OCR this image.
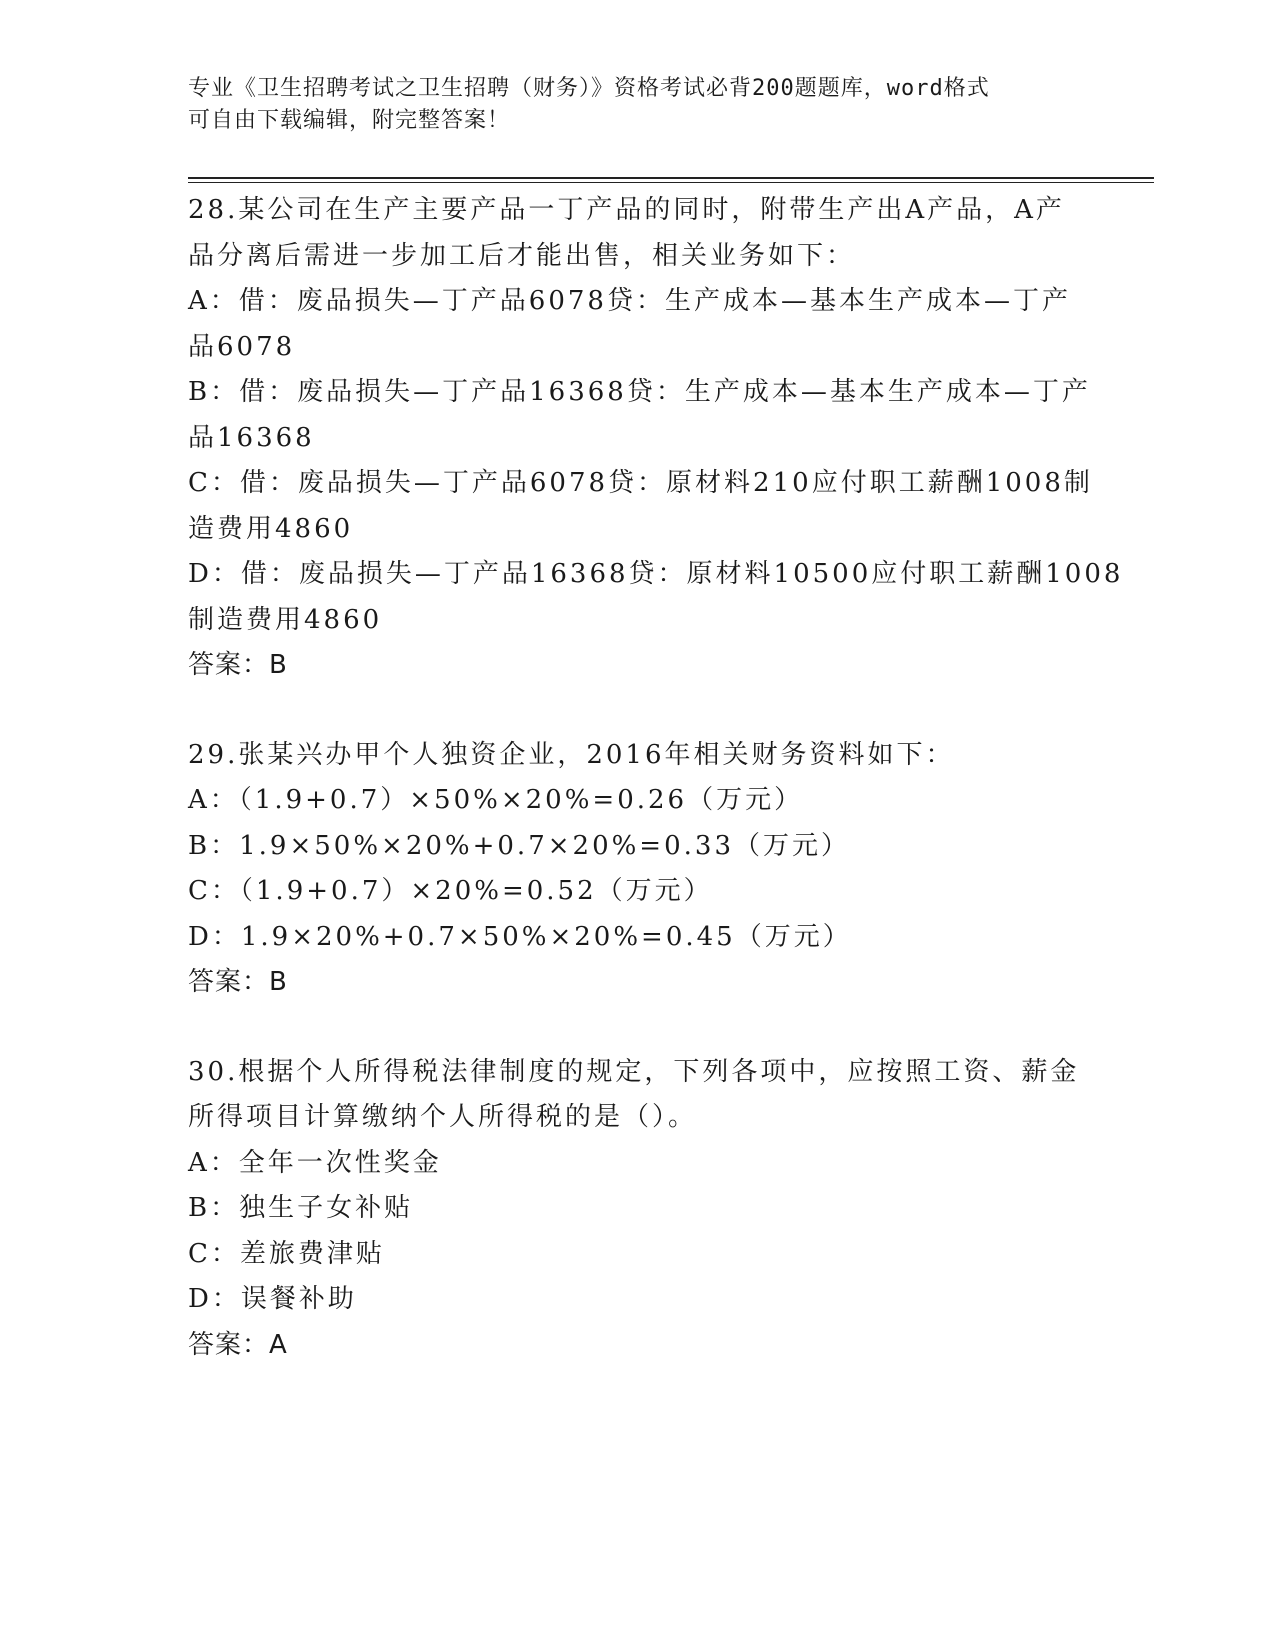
专业《卫生招聘考试之卫生招聘（财务）》资格考试必背200题题库，word格式
可自由下载编辑，附完整答案！
28.某公司在生产主要产品一丁产品的同时，附带生产出A产品，A产
品分离后需进一步加工后才能出售，相关业务如下：
A：借：废品损失—丁产品6078贷：生产成本—基本生产成本—丁产
品6078
B：借：废品损失—丁产品16368贷：生产成本—基本生产成本—丁产
品16368
C：借：废品损失—丁产品6078贷：原材料210应付职工薪酬1008制
造费用4860
D：借：废品损失—丁产品16368贷：原材料10500应付职工薪酬1008
制造费用4860
答案：B
29.张某兴办甲个人独资企业，2016年相关财务资料如下：
A：（1.9+0.7）×50%×20%=0.26（万元）
B：1.9×50%×20%+0.7×20%=0.33（万元）
C：（1.9+0.7）×20%=0.52（万元）
D：1.9×20%+0.7×50%×20%=0.45（万元）
答案：B
30.根据个人所得税法律制度的规定，下列各项中，应按照工资、薪金
所得项目计算缴纳个人所得税的是（）。
A：全年一次性奖金
B：独生子女补贴
C：差旅费津贴
D：误餐补助
答案：A
